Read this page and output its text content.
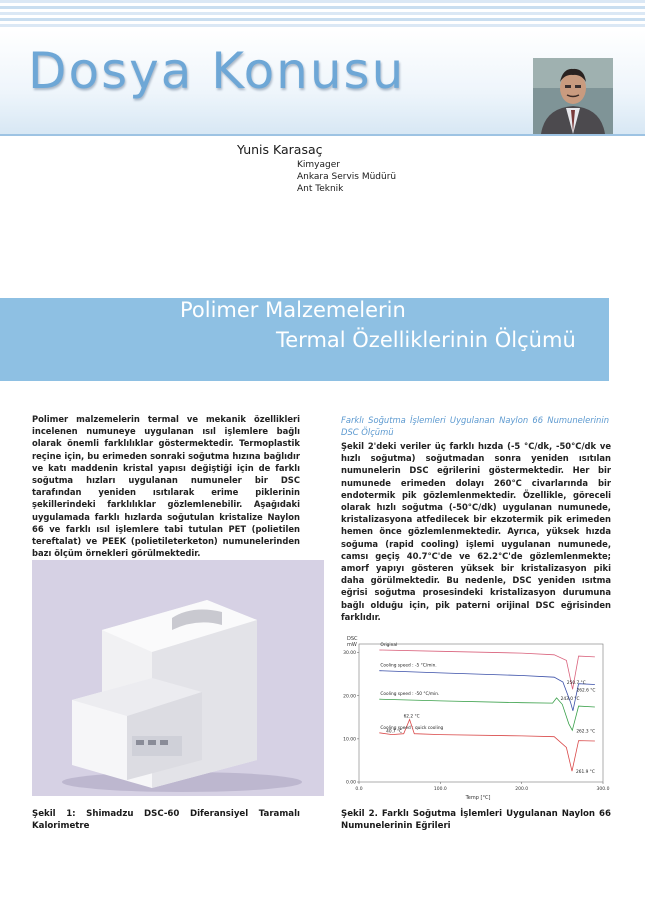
Dosya Konusu
Yunis Karasaç
Kimyager
Ankara Servis Müdürü
Ant Teknik
Polimer Malzemelerin
Termal Özelliklerinin Ölçümü
Polimer malzemelerin termal ve mekanik özellikleri incelenen numuneye uygulanan ısıl işlemlere bağlı olarak önemli farklılıklar göstermektedir. Termoplastik reçine için, bu erimeden sonraki soğutma hızına bağlıdır ve katı maddenin kristal yapısı değiştiği için de farklı soğutma hızları uygulanan numuneler bir DSC tarafından yeniden ısıtılarak erime piklerinin şekillerindeki farklılıklar gözlemlenebilir. Aşağıdaki uygulamada farklı hızlarda soğutulan kristalize Naylon 66 ve farklı ısıl işlemlere tabi tutulan PET (polietilen tereftalat) ve PEEK (polietileterketon) numunelerinden bazı ölçüm örnekleri görülmektedir.
Şekil 1: Shimadzu DSC-60 Diferansiyel Taramalı Kalorimetre
Farklı Soğutma İşlemleri Uygulanan Naylon 66 Numunelerinin DSC Ölçümü
Şekil 2'deki veriler üç farklı hızda (-5 °C/dk, -50°C/dk ve hızlı soğutma) soğutmadan sonra yeniden ısıtılan numunelerin DSC eğrilerini göstermektedir. Her bir numunede erimeden dolayı 260°C civarlarında bir endotermik pik gözlemlenmektedir. Özellikle, göreceli olarak hızlı soğutma (-50°C/dk) uygulanan numunede, kristalizasyona atfedilecek bir ekzotermik pik erimeden hemen önce gözlemlenmektedir. Ayrıca, yüksek hızda soğuma (rapid cooling) işlemi uygulanan numunede, camsı geçiş 40.7°C'de ve 62.2°C'de gözlemlenmekte; amorf yapıyı gösteren yüksek bir kristalizasyon piki daha görülmektedir. Bu nedenle, DSC yeniden ısıtma eğrisi soğutma prosesindeki kristalizasyon durumuna bağlı olduğu için, pik paterni orijinal DSC eğrisinden farklıdır.
DSC
mW
Temp [°C]
0.0	100.0	200.0	300.0
0.00
10.00
20.00
30.00
Original
Cooling speed : -5 °C/min.
Cooling speed : -50 °C/min.
Cooling speed : quick cooling
262.6 °C
250.7 °C
243.0 °C
262.3 °C
62.2 °C
40.7 °C
261.9 °C
Şekil 2. Farklı Soğutma İşlemleri Uygulanan Naylon 66 Numunelerinin Eğrileri
